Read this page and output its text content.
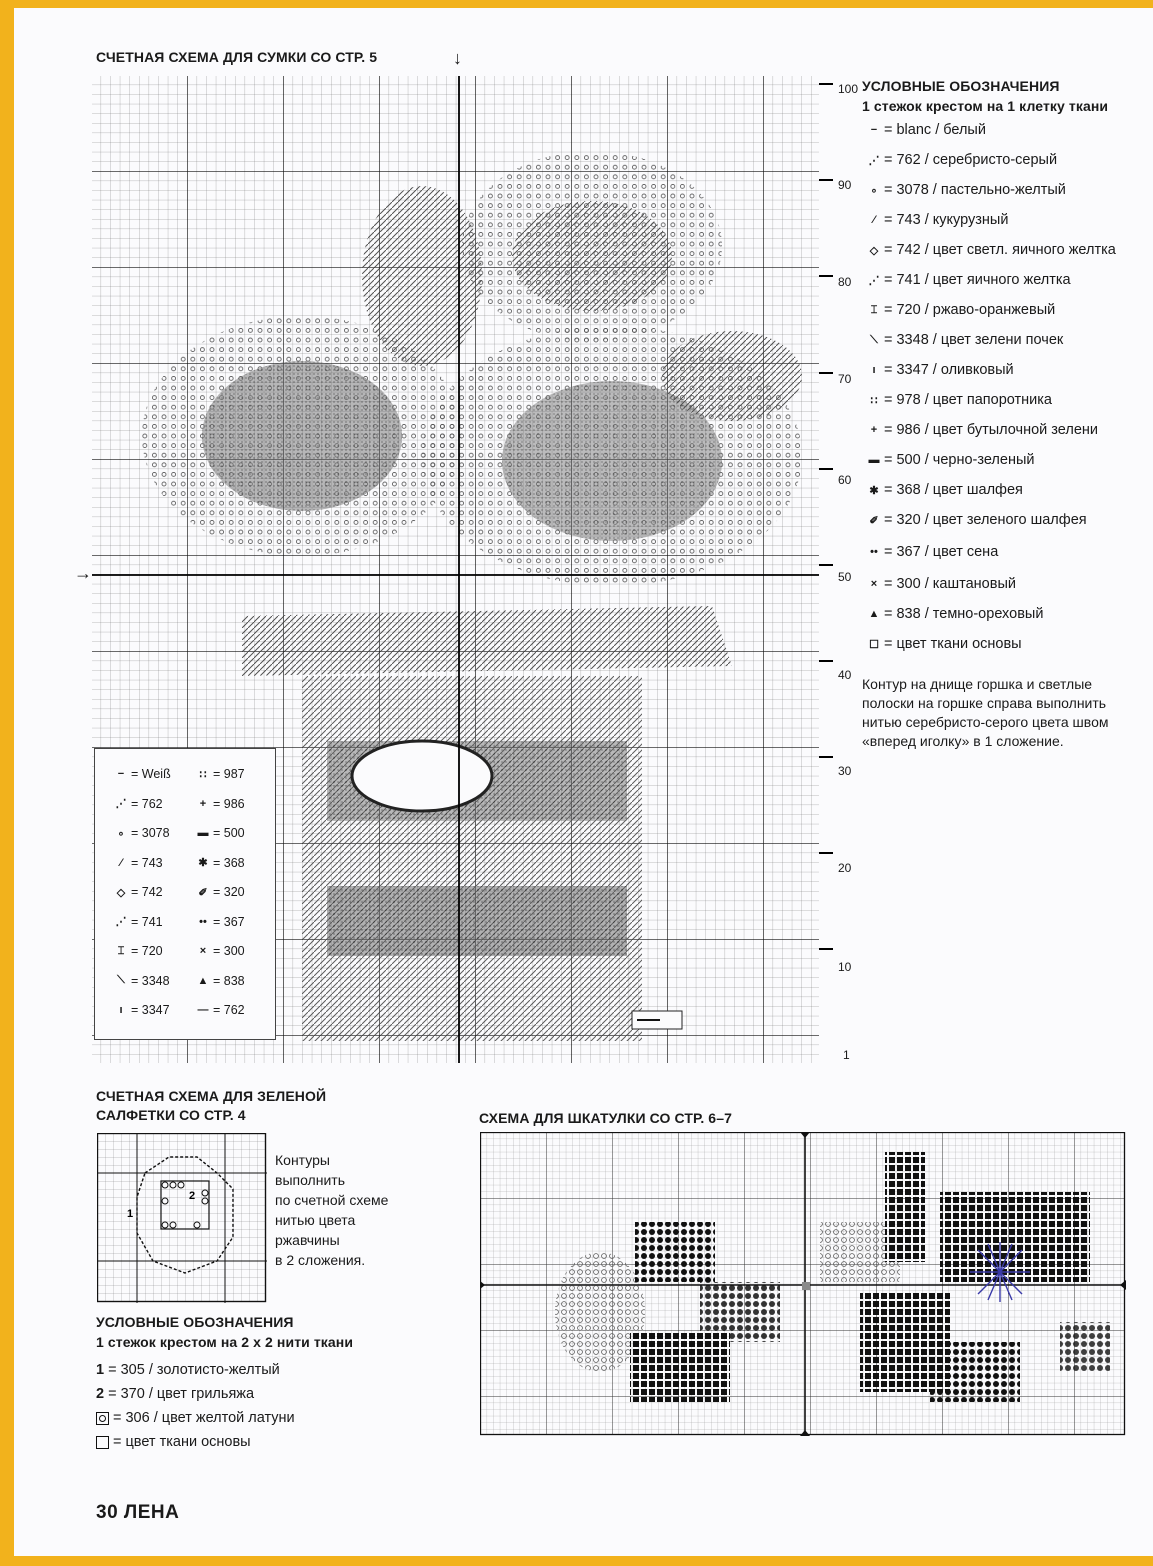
СЧЕТНАЯ СХЕМА ДЛЯ СУМКИ СО СТР. 5	↓
→
100
90
80
70
60
50
40
30
20
10
1
− = Weiß
⋰ = 762
∘ = 3078
⁄ = 743
◇ = 742
⋰ = 741
⌶ = 720
⟍ = 3348
ı = 3347
∷ = 987
+ = 986
▬ = 500
✱ = 368
✐ = 320
•• = 367
× = 300
▲ = 838
— = 762
УСЛОВНЫЕ ОБОЗНАЧЕНИЯ
1 стежок крестом на 1 клетку ткани
− = blanc / белый
⋰ = 762 / серебристо-серый
∘ = 3078 / пастельно-желтый
⁄ = 743 / кукурузный
◇ = 742 / цвет светл. яичного желтка
⋰ = 741 / цвет яичного желтка
⌶ = 720 / ржаво-оранжевый
⟍ = 3348 / цвет зелени почек
ı = 3347 / оливковый
∷ = 978 / цвет папоротника
+ = 986 / цвет бутылочной зелени
▬ = 500 / черно-зеленый
✱ = 368 / цвет шалфея
✐ = 320 / цвет зеленого шалфея
•• = 367 / цвет сена
× = 300 / каштановый
▲ = 838 / темно-ореховый
☐ = цвет ткани основы
Контур на днище горшка и светлые полоски на горшке справа выполнить нитью серебристо-серого цвета швом «вперед иголку» в 1 сложение.
СЧЕТНАЯ СХЕМА ДЛЯ ЗЕЛЕНОЙ
САЛФЕТКИ СО СТР. 4
1
2
Контуры
выполнить
по счетной схеме
нитью цвета
ржавчины
в 2 сложения.
УСЛОВНЫЕ ОБОЗНАЧЕНИЯ
1 стежок крестом на 2 х 2 нити ткани
1 = 305 / золотисто-желтый
2 = 370 / цвет грильяжа
= 306 / цвет желтой латуни
= цвет ткани основы
СХЕМА ДЛЯ ШКАТУЛКИ СО СТР. 6–7
30 ЛЕНА
